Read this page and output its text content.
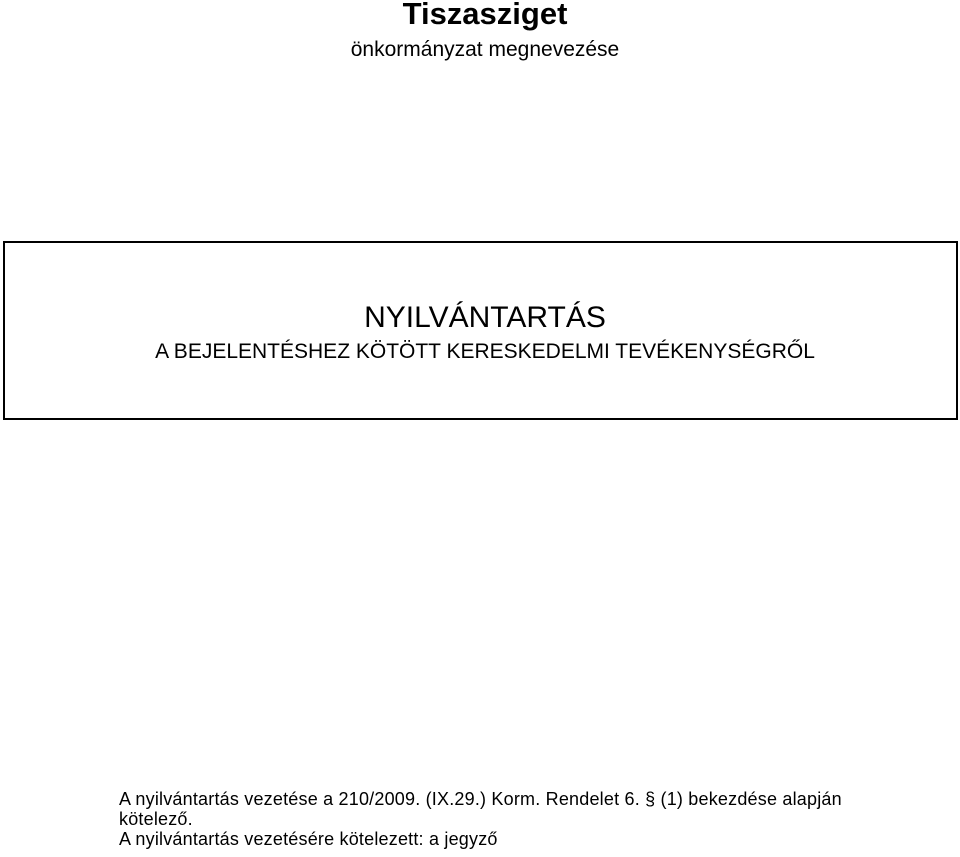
Tiszasziget
önkormányzat megnevezése
NYILVÁNTARTÁS
A BEJELENTÉSHEZ KÖTÖTT KERESKEDELMI TEVÉKENYSÉGRŐL

A nyilvántartás vezetése a 210/2009. (IX.29.) Korm. Rendelet 6. § (1) bekezdése alapján

kötelező.

A nyilvántartás vezetésére kötelezett: a jegyző
